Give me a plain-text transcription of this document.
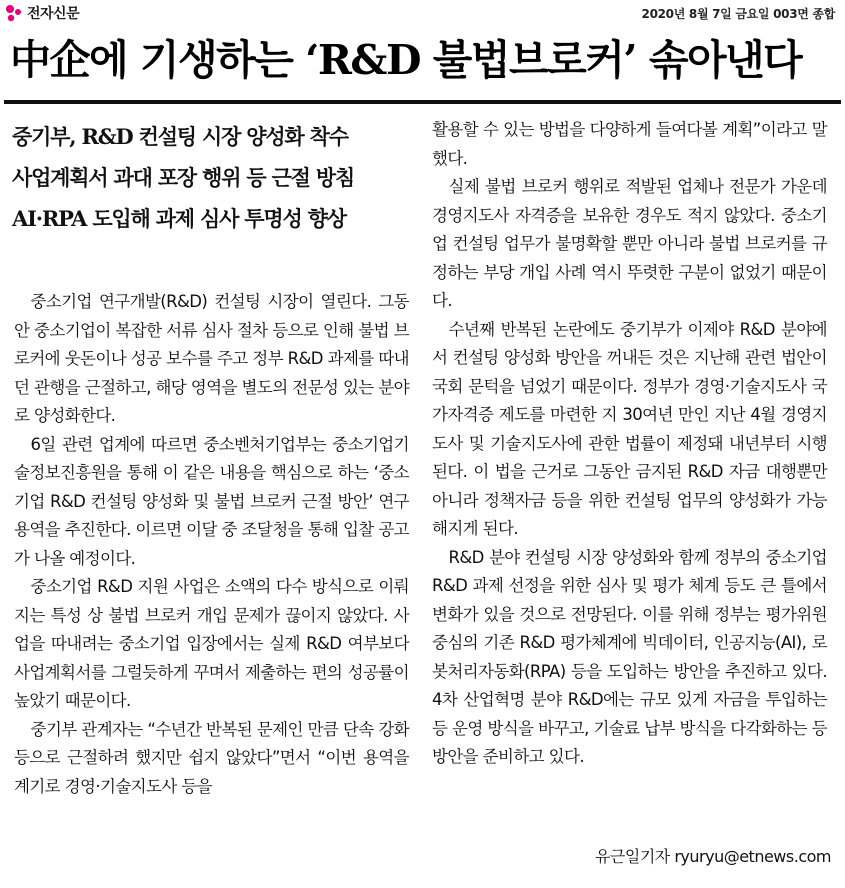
전자신문	2020년 8월 7일 금요일 003면 종합
中企에 기생하는 ‘R&D 불법브로커’ 솎아낸다
중기부, R&D 컨설팅 시장 양성화 착수
사업계획서 과대 포장 행위 등 근절 방침
AI·RPA 도입해 과제 심사 투명성 향상

중소기업 연구개발(R&D) 컨설팅 시장이 열린다. 그동안 중소기업이 복잡한 서류 심사 절차 등으로 인해 불법 브로커에 웃돈이나 성공 보수를 주고 정부 R&D 과제를 따내던 관행을 근절하고, 해당 영역을 별도의 전문성 있는 분야로 양성화한다.

6일 관련 업계에 따르면 중소벤처기업부는 중소기업기술정보진흥원을 통해 이 같은 내용을 핵심으로 하는 ‘중소기업 R&D 컨설팅 양성화 및 불법 브로커 근절 방안’ 연구 용역을 추진한다. 이르면 이달 중 조달청을 통해 입찰 공고가 나올 예정이다.

중소기업 R&D 지원 사업은 소액의 다수 방식으로 이뤄지는 특성 상 불법 브로커 개입 문제가 끊이지 않았다. 사업을 따내려는 중소기업 입장에서는 실제 R&D 여부보다 사업계획서를 그럴듯하게 꾸며서 제출하는 편의 성공률이 높았기 때문이다.

중기부 관계자는 “수년간 반복된 문제인 만큼 단속 강화 등으로 근절하려 했지만 쉽지 않았다”면서 “이번 용역을 계기로 경영·기술지도사 등을

활용할 수 있는 방법을 다양하게 들여다볼 계획”이라고 말했다.

실제 불법 브로커 행위로 적발된 업체나 전문가 가운데 경영지도사 자격증을 보유한 경우도 적지 않았다. 중소기업 컨설팅 업무가 불명확할 뿐만 아니라 불법 브로커를 규정하는 부당 개입 사례 역시 뚜렷한 구분이 없었기 때문이다.

수년째 반복된 논란에도 중기부가 이제야 R&D 분야에서 컨설팅 양성화 방안을 꺼내든 것은 지난해 관련 법안이 국회 문턱을 넘었기 때문이다. 정부가 경영·기술지도사 국가자격증 제도를 마련한 지 30여년 만인 지난 4월 경영지도사 및 기술지도사에 관한 법률이 제정돼 내년부터 시행된다. 이 법을 근거로 그동안 금지된 R&D 자금 대행뿐만 아니라 정책자금 등을 위한 컨설팅 업무의 양성화가 가능해지게 된다.

R&D 분야 컨설팅 시장 양성화와 함께 정부의 중소기업 R&D 과제 선정을 위한 심사 및 평가 체계 등도 큰 틀에서 변화가 있을 것으로 전망된다. 이를 위해 정부는 평가위원 중심의 기존 R&D 평가체계에 빅데이터, 인공지능(AI), 로봇처리자동화(RPA) 등을 도입하는 방안을 추진하고 있다. 4차 산업혁명 분야 R&D에는 규모 있게 자금을 투입하는 등 운영 방식을 바꾸고, 기술료 납부 방식을 다각화하는 등 방안을 준비하고 있다.

유근일기자 ryuryu@etnews.com
